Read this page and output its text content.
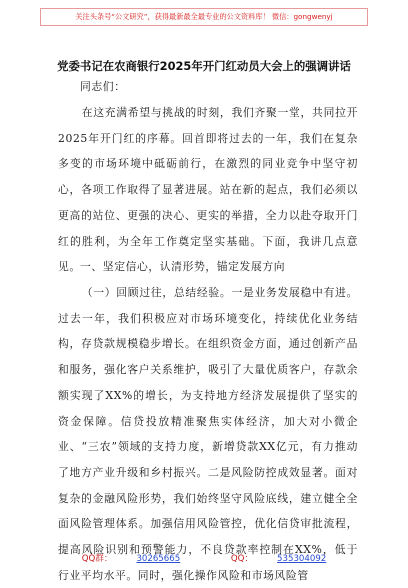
关注头条号“公文研究”，获得最新最全最专业的公文资料库！ 微信：gongwenyj
党委书记在农商银行2025年开门红动员大会上的强调讲话
同志们：
在这充满希望与挑战的时刻，我们齐聚一堂，共同拉开2025年开门红的序幕。回首即将过去的一年，我们在复杂多变的市场环境中砥砺前行，在激烈的同业竞争中坚守初心，各项工作取得了显著进展。站在新的起点，我们必须以更高的站位、更强的决心、更实的举措，全力以赴夺取开门红的胜利，为全年工作奠定坚实基础。下面，我讲几点意见。 一、坚定信心，认清形势，锚定发展方向
（一）回顾过往，总结经验。一是业务发展稳中有进。过去一年，我们积极应对市场环境变化，持续优化业务结构，存贷款规模稳步增长。在组织资金方面，通过创新产品和服务，强化客户关系维护，吸引了大量优质客户，存款余额实现了XX%的增长，为支持地方经济发展提供了坚实的资金保障。信贷投放精准聚焦实体经济，加大对小微企业、“三农”领域的支持力度，新增贷款XX亿元，有力推动了地方产业升级和乡村振兴。二是风险防控成效显著。面对复杂的金融风险形势，我们始终坚守风险底线，建立健全全面风险管理体系。加强信用风险管控，优化信贷审批流程，提高风险识别和预警能力，不良贷款率控制在XX%，低于行业平均水平。同时，强化操作风险和市场风险管
QQ群：	30265665	QQ：	535304092
